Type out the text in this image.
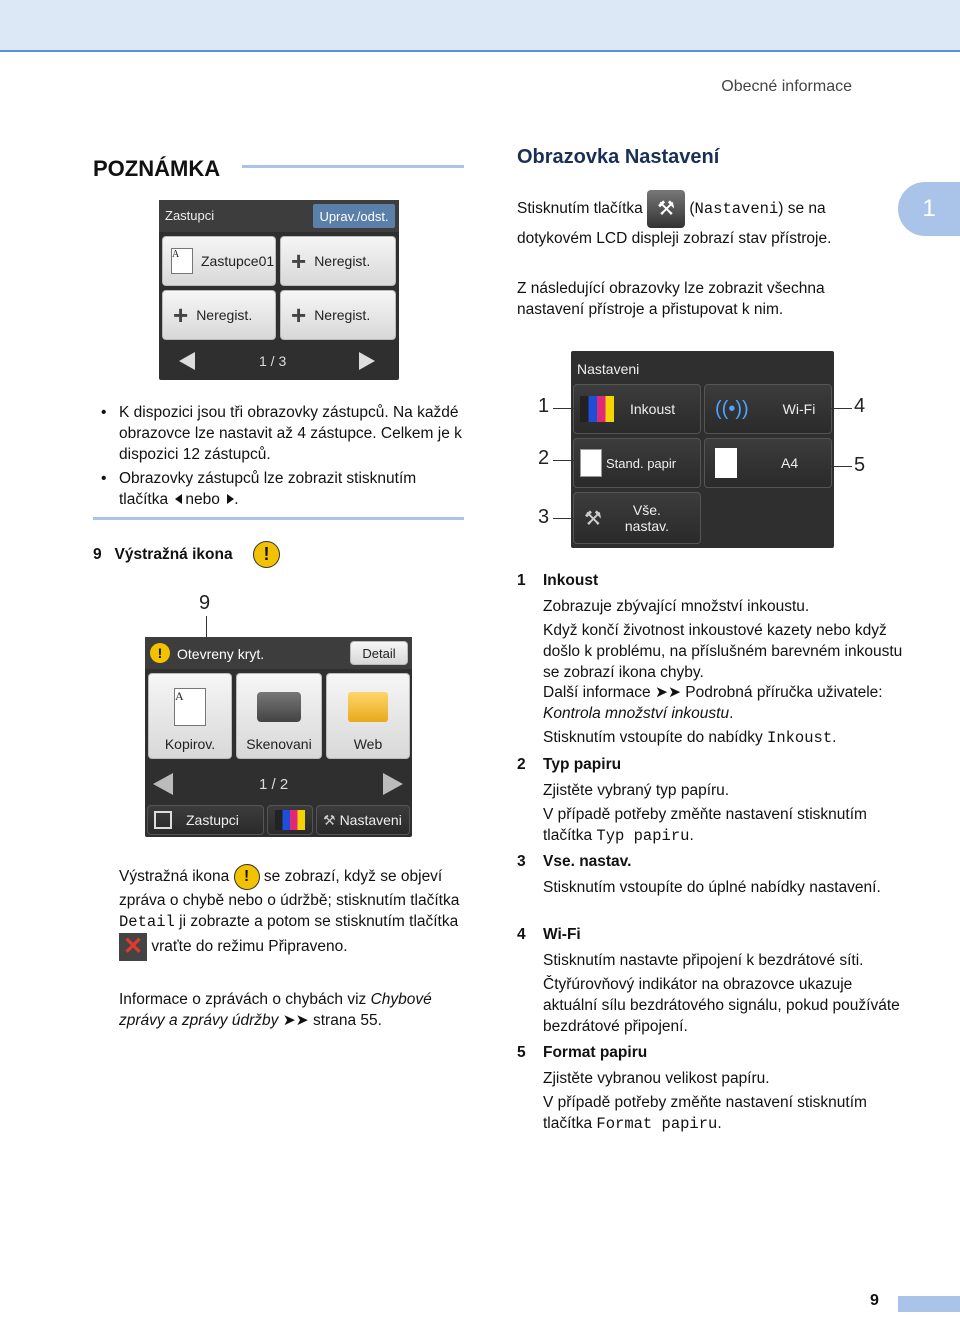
Obecné informace
1
9
POZNÁMKA
Zastupci	Uprav./odst.
A	Zastupce01 + Neregist.
+ Neregist. + Neregist.
1 / 3
• K dispozici jsou tři obrazovky zástupců. Na každé obrazovce lze nastavit až 4 zástupce. Celkem je k dispozici 12 zástupců.
• Obrazovky zástupců lze zobrazit stisknutím tlačítka nebo .
9 Výstražná ikona	!
9
!	Otevreny kryt.	Detail
A
Kopirov. Skenovani	Web
1 / 2
Zastupci	⚒ Nastaveni
Výstražná ikona ! se zobrazí, když se objeví zpráva o chybě nebo o údržbě; stisknutím tlačítka Detail ji zobrazte a potom se stisknutím tlačítka ✕ vraťte do režimu Připraveno.
Informace o zprávách o chybách viz Chybové zprávy a zprávy údržby ➤➤ strana 55.
Obrazovka Nastavení
Stisknutím tlačítka ⚒ (Nastaveni) se na dotykovém LCD displeji zobrazí stav přístroje.
Z následující obrazovky lze zobrazit všechna nastavení přístroje a přistupovat k nim.
Nastaveni
Inkoust ((•)) Wi-Fi
Stand. papir	A4
⚒	Vše. nastav.
1
2
3
4
5
1 Inkoust
Zobrazuje zbývající množství inkoustu.
Když končí životnost inkoustové kazety nebo když došlo k problému, na příslušném barevném inkoustu se zobrazí ikona chyby.
Další informace ➤➤ Podrobná příručka uživatele: Kontrola množství inkoustu.
Stisknutím vstoupíte do nabídky Inkoust.
2 Typ papiru
Zjistěte vybraný typ papíru.
V případě potřeby změňte nastavení stisknutím tlačítka Typ papiru.
3 Vse. nastav.
Stisknutím vstoupíte do úplné nabídky nastavení.
4 Wi-Fi
Stisknutím nastavte připojení k bezdrátové síti.
Čtyřúrovňový indikátor na obrazovce ukazuje aktuální sílu bezdrátového signálu, pokud používáte bezdrátové připojení.
5 Format papiru
Zjistěte vybranou velikost papíru.
V případě potřeby změňte nastavení stisknutím tlačítka Format papiru.
